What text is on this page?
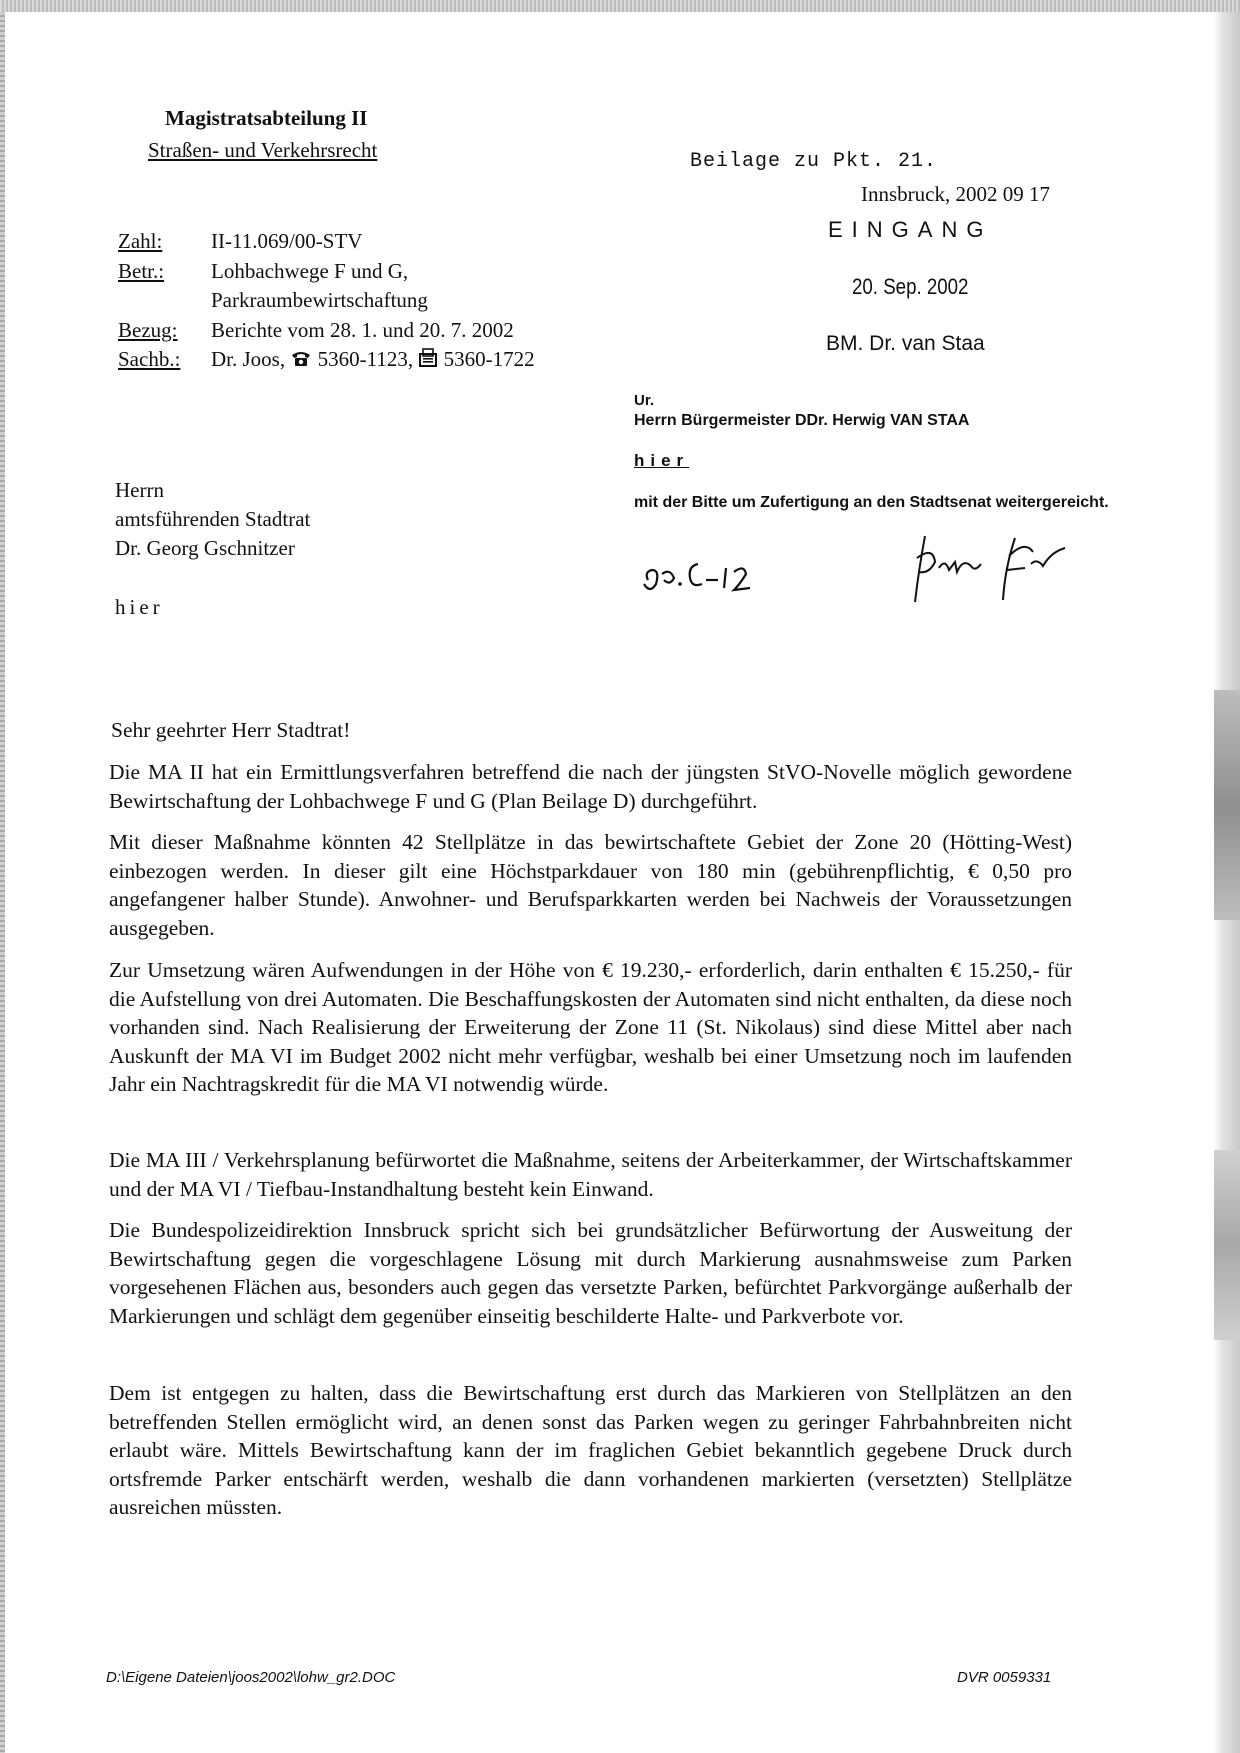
Magistratsabteilung II
Straßen- und Verkehrsrecht	Beilage zu Pkt. 21.
Innsbruck, 2002 09 17
EINGANG
20. Sep. 2002
BM. Dr. van Staa
Zahl: II-11.069/00-STV
Betr.: Lohbachwege F und G,
Parkraumbewirtschaftung
Bezug: Berichte vom 28. 1. und 20. 7. 2002
Sachb.: Dr. Joos, 5360-1123, 5360-1722
Ur.
Herrn Bürgermeister DDr. Herwig VAN STAA
hier
mit der Bitte um Zufertigung an den Stadtsenat weitergereicht.
Herrn
amtsführenden Stadtrat
Dr. Georg Gschnitzer
hier
Sehr geehrter Herr Stadtrat!
Die MA II hat ein Ermittlungsverfahren betreffend die nach der jüngsten StVO-Novelle möglich gewordene Bewirtschaftung der Lohbachwege F und G (Plan Beilage D) durchgeführt.
Mit dieser Maßnahme könnten 42 Stellplätze in das bewirtschaftete Gebiet der Zone 20 (Hötting-West) einbezogen werden. In dieser gilt eine Höchstparkdauer von 180 min (gebührenpflichtig, € 0,50 pro angefangener halber Stunde). Anwohner- und Berufsparkkarten werden bei Nachweis der Voraussetzungen ausgegeben.
Zur Umsetzung wären Aufwendungen in der Höhe von € 19.230,- erforderlich, darin enthalten € 15.250,- für die Aufstellung von drei Automaten. Die Beschaffungskosten der Automaten sind nicht enthalten, da diese noch vorhanden sind. Nach Realisierung der Erweiterung der Zone 11 (St. Nikolaus) sind diese Mittel aber nach Auskunft der MA VI im Budget 2002 nicht mehr verfügbar, weshalb bei einer Umsetzung noch im laufenden Jahr ein Nachtragskredit für die MA VI notwendig würde.
Die MA III / Verkehrsplanung befürwortet die Maßnahme, seitens der Arbeiterkammer, der Wirtschaftskammer und der MA VI / Tiefbau-Instandhaltung besteht kein Einwand.
Die Bundespolizeidirektion Innsbruck spricht sich bei grundsätzlicher Befürwortung der Ausweitung der Bewirtschaftung gegen die vorgeschlagene Lösung mit durch Markierung ausnahmsweise zum Parken vorgesehenen Flächen aus, besonders auch gegen das versetzte Parken, befürchtet Parkvorgänge außerhalb der Markierungen und schlägt dem gegenüber einseitig beschilderte Halte- und Parkverbote vor.
Dem ist entgegen zu halten, dass die Bewirtschaftung erst durch das Markieren von Stellplätzen an den betreffenden Stellen ermöglicht wird, an denen sonst das Parken wegen zu geringer Fahrbahnbreiten nicht erlaubt wäre. Mittels Bewirtschaftung kann der im fraglichen Gebiet bekanntlich gegebene Druck durch ortsfremde Parker entschärft werden, weshalb die dann vorhandenen markierten (versetzten) Stellplätze ausreichen müssten.
D:\Eigene Dateien\joos2002\lohw_gr2.DOC	DVR 0059331
